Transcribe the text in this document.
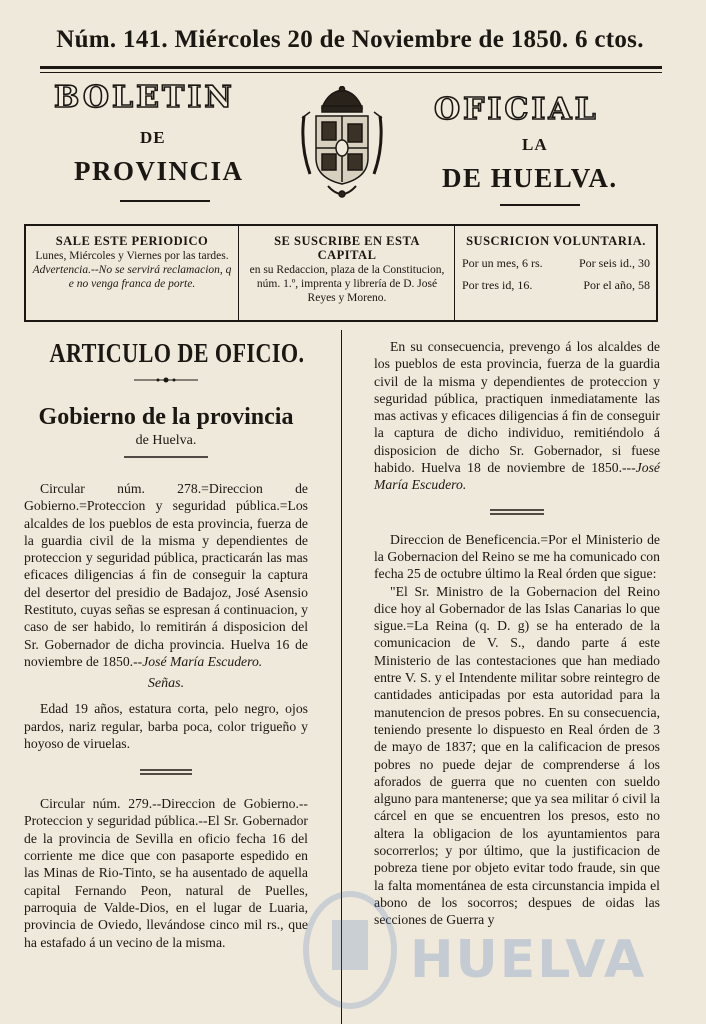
Núm. 141. Miércoles 20 de Noviembre de 1850. 6 ctos.
BOLETIN
DE
PROVINCIA
OFICIAL
LA
DE HUELVA.
SALE ESTE PERIODICO
Lunes, Miércoles y Viernes por las tardes.
Advertencia.--No se servirá reclamacion, q e no venga franca de porte.
SE SUSCRIBE EN ESTA CAPITAL
en su Redaccion, plaza de la Constitucion, núm. 1.º, imprenta y librería de D. José Reyes y Moreno.
SUSCRICION VOLUNTARIA.
Por un mes, 6 rs.	Por seis id., 30
Por tres id, 16.	Por el año, 58
ARTICULO DE OFICIO.
Gobierno de la provincia
de Huelva.

Circular núm. 278.=Direccion de Gobierno.=Proteccion y seguridad pública.=Los alcaldes de los pueblos de esta provincia, fuerza de la guardia civil de la misma y dependientes de proteccion y seguridad pública, practicarán las mas eficaces diligencias á fin de conseguir la captura del desertor del presidio de Badajoz, José Asensio Restituto, cuyas señas se espresan á continuacion, y caso de ser habido, lo remitirán á disposicion del Sr. Gobernador de dicha provincia. Huelva 16 de noviembre de 1850.--José María Escudero.

Señas.

Edad 19 años, estatura corta, pelo negro, ojos pardos, nariz regular, barba poca, color trigueño y hoyoso de viruelas.

Circular núm. 279.--Direccion de Gobierno.--Proteccion y seguridad pública.--El Sr. Gobernador de la provincia de Sevilla en oficio fecha 16 del corriente me dice que con pasaporte espedido en las Minas de Rio-Tinto, se ha ausentado de aquella capital Fernando Peon, natural de Puelles, parroquia de Valde-Dios, en el lugar de Luaria, provincia de Oviedo, llevándose cinco mil rs., que ha estafado á un vecino de la misma.

En su consecuencia, prevengo á los alcaldes de los pueblos de esta provincia, fuerza de la guardia civil de la misma y dependientes de proteccion y seguridad pública, practiquen inmediatamente las mas activas y eficaces diligencias á fin de conseguir la captura de dicho individuo, remitiéndolo á disposicion de dicho Sr. Gobernador, si fuese habido. Huelva 18 de noviembre de 1850.---José María Escudero.

Direccion de Beneficencia.=Por el Ministerio de la Gobernacion del Reino se me ha comunicado con fecha 25 de octubre último la Real órden que sigue:

"El Sr. Ministro de la Gobernacion del Reino dice hoy al Gobernador de las Islas Canarias lo que sigue.=La Reina (q. D. g) se ha enterado de la comunicacion de V. S., dando parte á este Ministerio de las contestaciones que han mediado entre V. S. y el Intendente militar sobre reintegro de cantidades anticipadas por esta autoridad para la manutencion de presos pobres. En su consecuencia, teniendo presente lo dispuesto en Real órden de 3 de mayo de 1837; que en la calificacion de presos pobres no puede dejar de comprenderse á los aforados de guerra que no cuenten con sueldo alguno para mantenerse; que ya sea militar ó civil la cárcel en que se encuentren los presos, esto no altera la obligacion de los ayuntamientos para socorrerlos; y por último, que la justificacion de pobreza tiene por objeto evitar todo fraude, sin que la falta momentánea de esta circunstancia impida el abono de los socorros; despues de oidas las secciones de Guerra y

HUELVA
